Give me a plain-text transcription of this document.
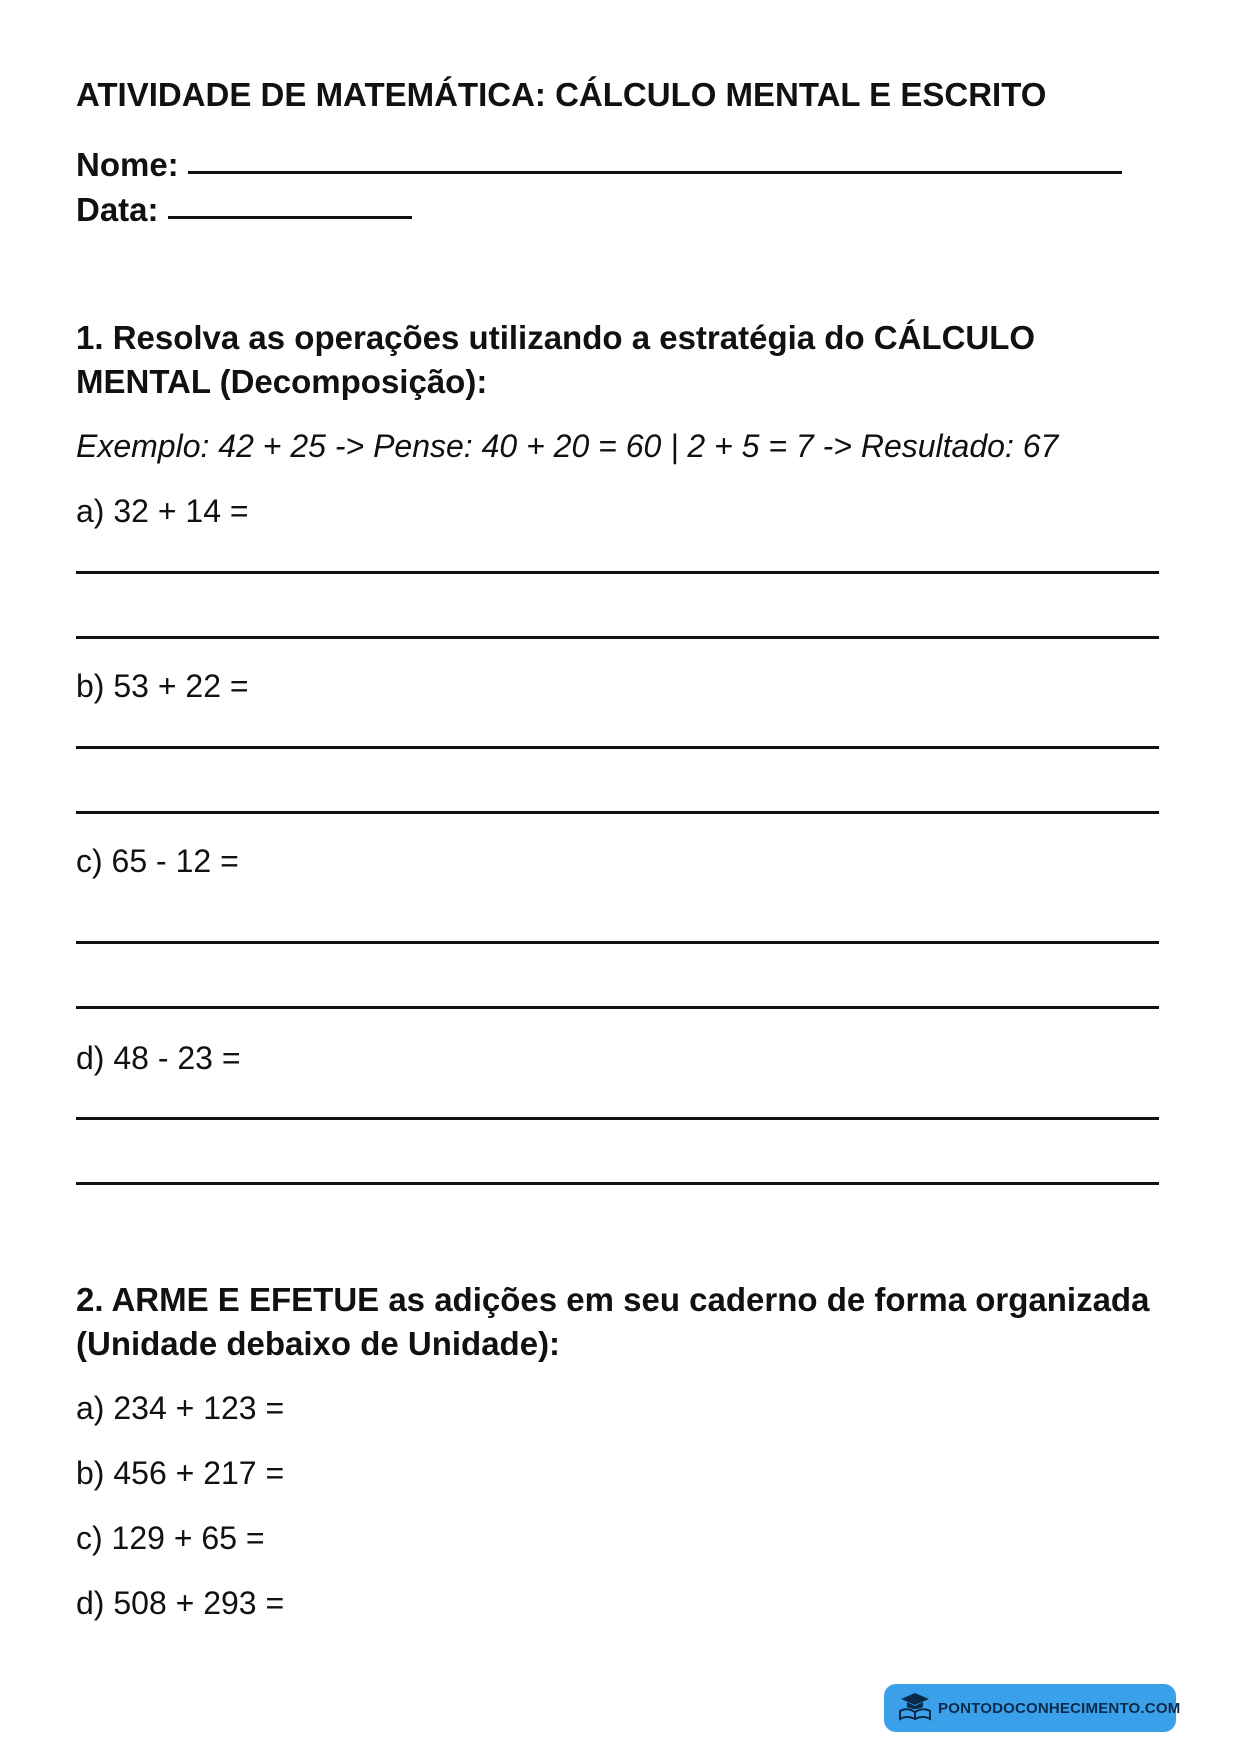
ATIVIDADE DE MATEMÁTICA: CÁLCULO MENTAL E ESCRITO
Nome:
Data:
1. Resolva as operações utilizando a estratégia do CÁLCULO
MENTAL (Decomposição):
Exemplo: 42 + 25 -> Pense: 40 + 20 = 60 | 2 + 5 = 7 -> Resultado: 67
a) 32 + 14 =
b) 53 + 22 =
c) 65 - 12 =
d) 48 - 23 =
2. ARME E EFETUE as adições em seu caderno de forma organizada
(Unidade debaixo de Unidade):
a) 234 + 123 =
b) 456 + 217 =
c) 129 + 65 =
d) 508 + 293 =
PONTODOCONHECIMENTO.COM
